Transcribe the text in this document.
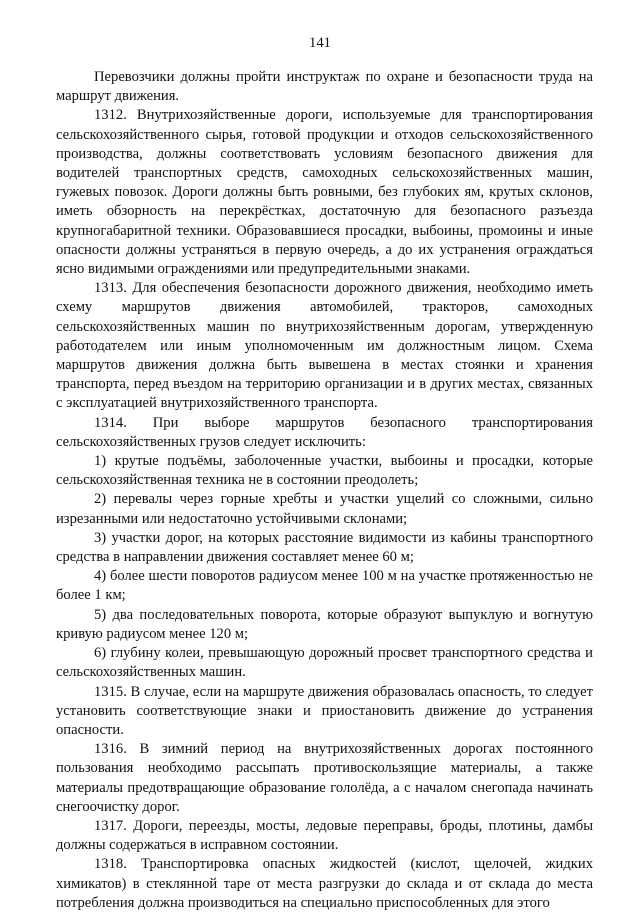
141

Перевозчики должны пройти инструктаж по охране и безопасности труда на маршрут движения.

1312. Внутрихозяйственные дороги, используемые для транспортирования сельскохозяйственного сырья, готовой продукции и отходов сельскохозяйственного производства, должны соответствовать условиям безопасного движения для водителей транспортных средств, самоходных сельскохозяйственных машин, гужевых повозок. Дороги должны быть ровными, без глубоких ям, крутых склонов, иметь обзорность на перекрёстках, достаточную для безопасного разъезда крупногабаритной техники. Образовавшиеся просадки, выбоины, промоины и иные опасности должны устраняться в первую очередь, а до их устранения ограждаться ясно видимыми ограждениями или предупредительными знаками.

1313. Для обеспечения безопасности дорожного движения, необходимо иметь схему маршрутов движения автомобилей, тракторов, самоходных сельскохозяйственных машин по внутрихозяйственным дорогам, утвержденную работодателем или иным уполномоченным им должностным лицом. Схема маршрутов движения должна быть вывешена в местах стоянки и хранения транспорта, перед въездом на территорию организации и в других местах, связанных с эксплуатацией внутрихозяйственного транспорта.

1314. При выборе маршрутов безопасного транспортирования сельскохозяйственных грузов следует исключить:

1) крутые подъёмы, заболоченные участки, выбоины и просадки, которые сельскохозяйственная техника не в состоянии преодолеть;

2) перевалы через горные хребты и участки ущелий со сложными, сильно изрезанными или недостаточно устойчивыми склонами;

3) участки дорог, на которых расстояние видимости из кабины транспортного средства в направлении движения составляет менее 60 м;

4) более шести поворотов радиусом менее 100 м на участке протяженностью не более 1 км;

5) два последовательных поворота, которые образуют выпуклую и вогнутую кривую радиусом менее 120 м;

6) глубину колеи, превышающую дорожный просвет транспортного средства и сельскохозяйственных машин.

1315. В случае, если на маршруте движения образовалась опасность, то следует установить соответствующие знаки и приостановить движение до устранения опасности.

1316. В зимний период на внутрихозяйственных дорогах постоянного пользования необходимо рассыпать противоскользящие материалы, а также материалы предотвращающие образование гололёда, а с началом снегопада начинать снегоочистку дорог.

1317. Дороги, переезды, мосты, ледовые переправы, броды, плотины, дамбы должны содержаться в исправном состоянии.

1318. Транспортировка опасных жидкостей (кислот, щелочей, жидких химикатов) в стеклянной таре от места разгрузки до склада и от склада до места потребления должна производиться на специально приспособленных для этого
